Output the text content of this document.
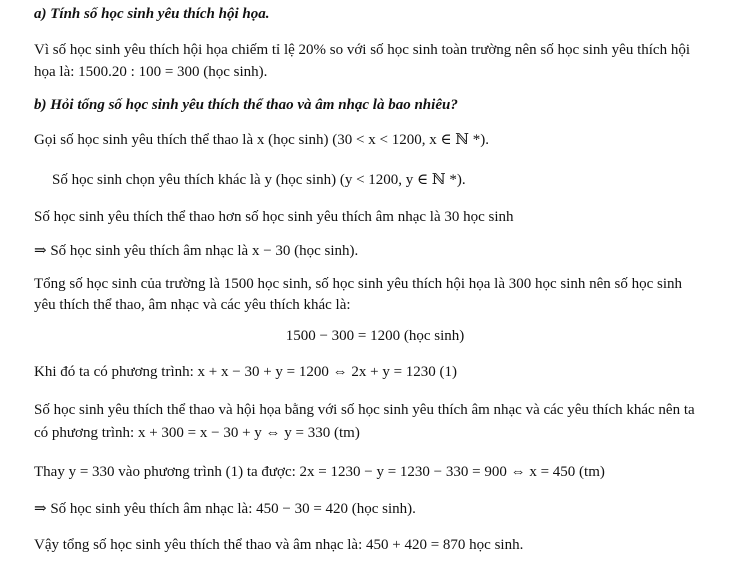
a) Tính số học sinh yêu thích hội họa.
Vì số học sinh yêu thích hội họa chiếm tỉ lệ 20% so với số học sinh toàn trường nên số học sinh yêu thích hội
họa là: 1500.20 : 100 = 300 (học sinh).
b) Hỏi tổng số học sinh yêu thích thể thao và âm nhạc là bao nhiêu?
Gọi số học sinh yêu thích thể thao là x (học sinh) (30 < x < 1200, x ∈ ℕ *).
Số học sinh chọn yêu thích khác là y (học sinh) (y < 1200, y ∈ ℕ *).
Số học sinh yêu thích thể thao hơn số học sinh yêu thích âm nhạc là 30 học sinh
⇒ Số học sinh yêu thích âm nhạc là x − 30 (học sinh).
Tổng số học sinh của trường là 1500 học sinh, số học sinh yêu thích hội họa là 300 học sinh nên số học sinh
yêu thích thể thao, âm nhạc và các yêu thích khác là:
1500 − 300 = 1200 (học sinh)
Khi đó ta có phương trình: x + x − 30 + y = 1200 ⇔ 2x + y = 1230 (1)
Số học sinh yêu thích thể thao và hội họa bằng với số học sinh yêu thích âm nhạc và các yêu thích khác nên ta
có phương trình: x + 300 = x − 30 + y ⇔ y = 330 (tm)
Thay y = 330 vào phương trình (1) ta được: 2x = 1230 − y = 1230 − 330 = 900 ⇔ x = 450 (tm)
⇒ Số học sinh yêu thích âm nhạc là: 450 − 30 = 420 (học sinh).
Vậy tổng số học sinh yêu thích thể thao và âm nhạc là: 450 + 420 = 870 học sinh.
